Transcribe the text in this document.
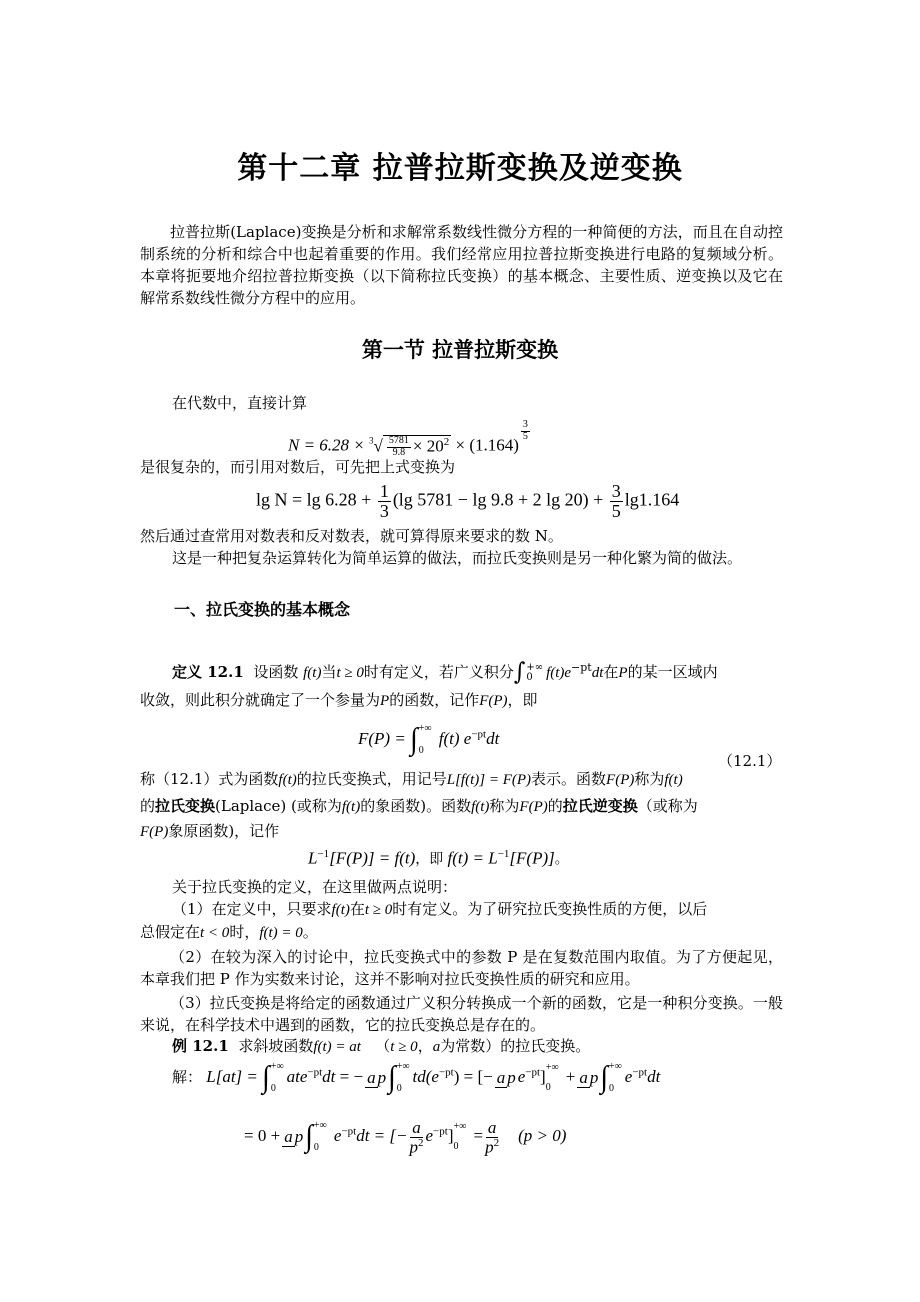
第十二章 拉普拉斯变换及逆变换
拉普拉斯(Laplace)变换是分析和求解常系数线性微分方程的一种简便的方法，而且在自动控制系统的分析和综合中也起着重要的作用。我们经常应用拉普拉斯变换进行电路的复频域分析。本章将扼要地介绍拉普拉斯变换（以下简称拉氏变换）的基本概念、主要性质、逆变换以及它在解常系数线性微分方程中的应用。
第一节 拉普拉斯变换
在代数中，直接计算
$N = 6.28 \times ^3√ \frac{5781}{9.8} \times 20^2 \times (1.164)$
$\frac{3}{5}$
是很复杂的，而引用对数后，可先把上式变换为
$\lg N = \lg 6.28 + \frac{1}{3} (\lg$ 5781 − lg 9.8 + 2 $\lg 20) + \frac{3}{5} \lg 1.164$
然后通过查常用对数表和反对数表，就可算得原来要求的数 N。
这是一种把复杂运算转化为简单运算的做法，而拉氏变换则是另一种化繁为简的做法。
一、拉氏变换的基本概念
定义 12.1 设函数 f(t)当t ≥ 0时有定义，若广义积分∫ +∞
0 $f(t)e^{-pt}dt$在P的某一区域内
收敛，则此积分就确定了一个参量为P的函数，记作F(P)，即
F(P) = ∫ +∞
0
f(t) $e^{-pt}dt$
（12.1）
称（12.1）式为函数f(t)的拉氏变换式，用记号L[f(t)] = F(P)表示。函数F(P)称为f(t)
的拉氏变换(Laplace) (或称为f(t)的象函数)。函数f(t)称为F(P)的拉氏逆变换（或称为
F(P)象原函数)，记作
$L^{-1}[F(P)] = f(t)$，即 $f(t) = L^{-1}[F(P)]$。
关于拉氏变换的定义，在这里做两点说明：
（1）在定义中，只要求f(t)在t ≥ 0时有定义。为了研究拉氏变换性质的方便，以后
总假定在t < 0时，f(t) = 0。
（2）在较为深入的讨论中，拉氏变换式中的参数 P 是在复数范围内取值。为了方便起见，本章我们把 P 作为实数来讨论，这并不影响对拉氏变换性质的研究和应用。
（3）拉氏变换是将给定的函数通过广义积分转换成一个新的函数，它是一种积分变换。一般来说，在科学技术中遇到的函数，它的拉氏变换总是存在的。
例 12.1 求斜坡函数f(t) = at （t ≥ 0，a为常数）的拉氏变换。
解： L[at] = ∫ +∞
0
ate$^{-pt}$dt = − a p∫ +∞
0
$td(e^{-pt})$ = [− a p $e^{-pt}$] +∞
0
+ a p∫ +∞
0
$e^{-pt}dt$
= 0 + a p∫ +∞
0
$e^{-pt}dt$ = [− $\frac{a}{p^2} e^{-pt}$] +∞
0
= $\frac{a}{p^2} (p > 0)$
